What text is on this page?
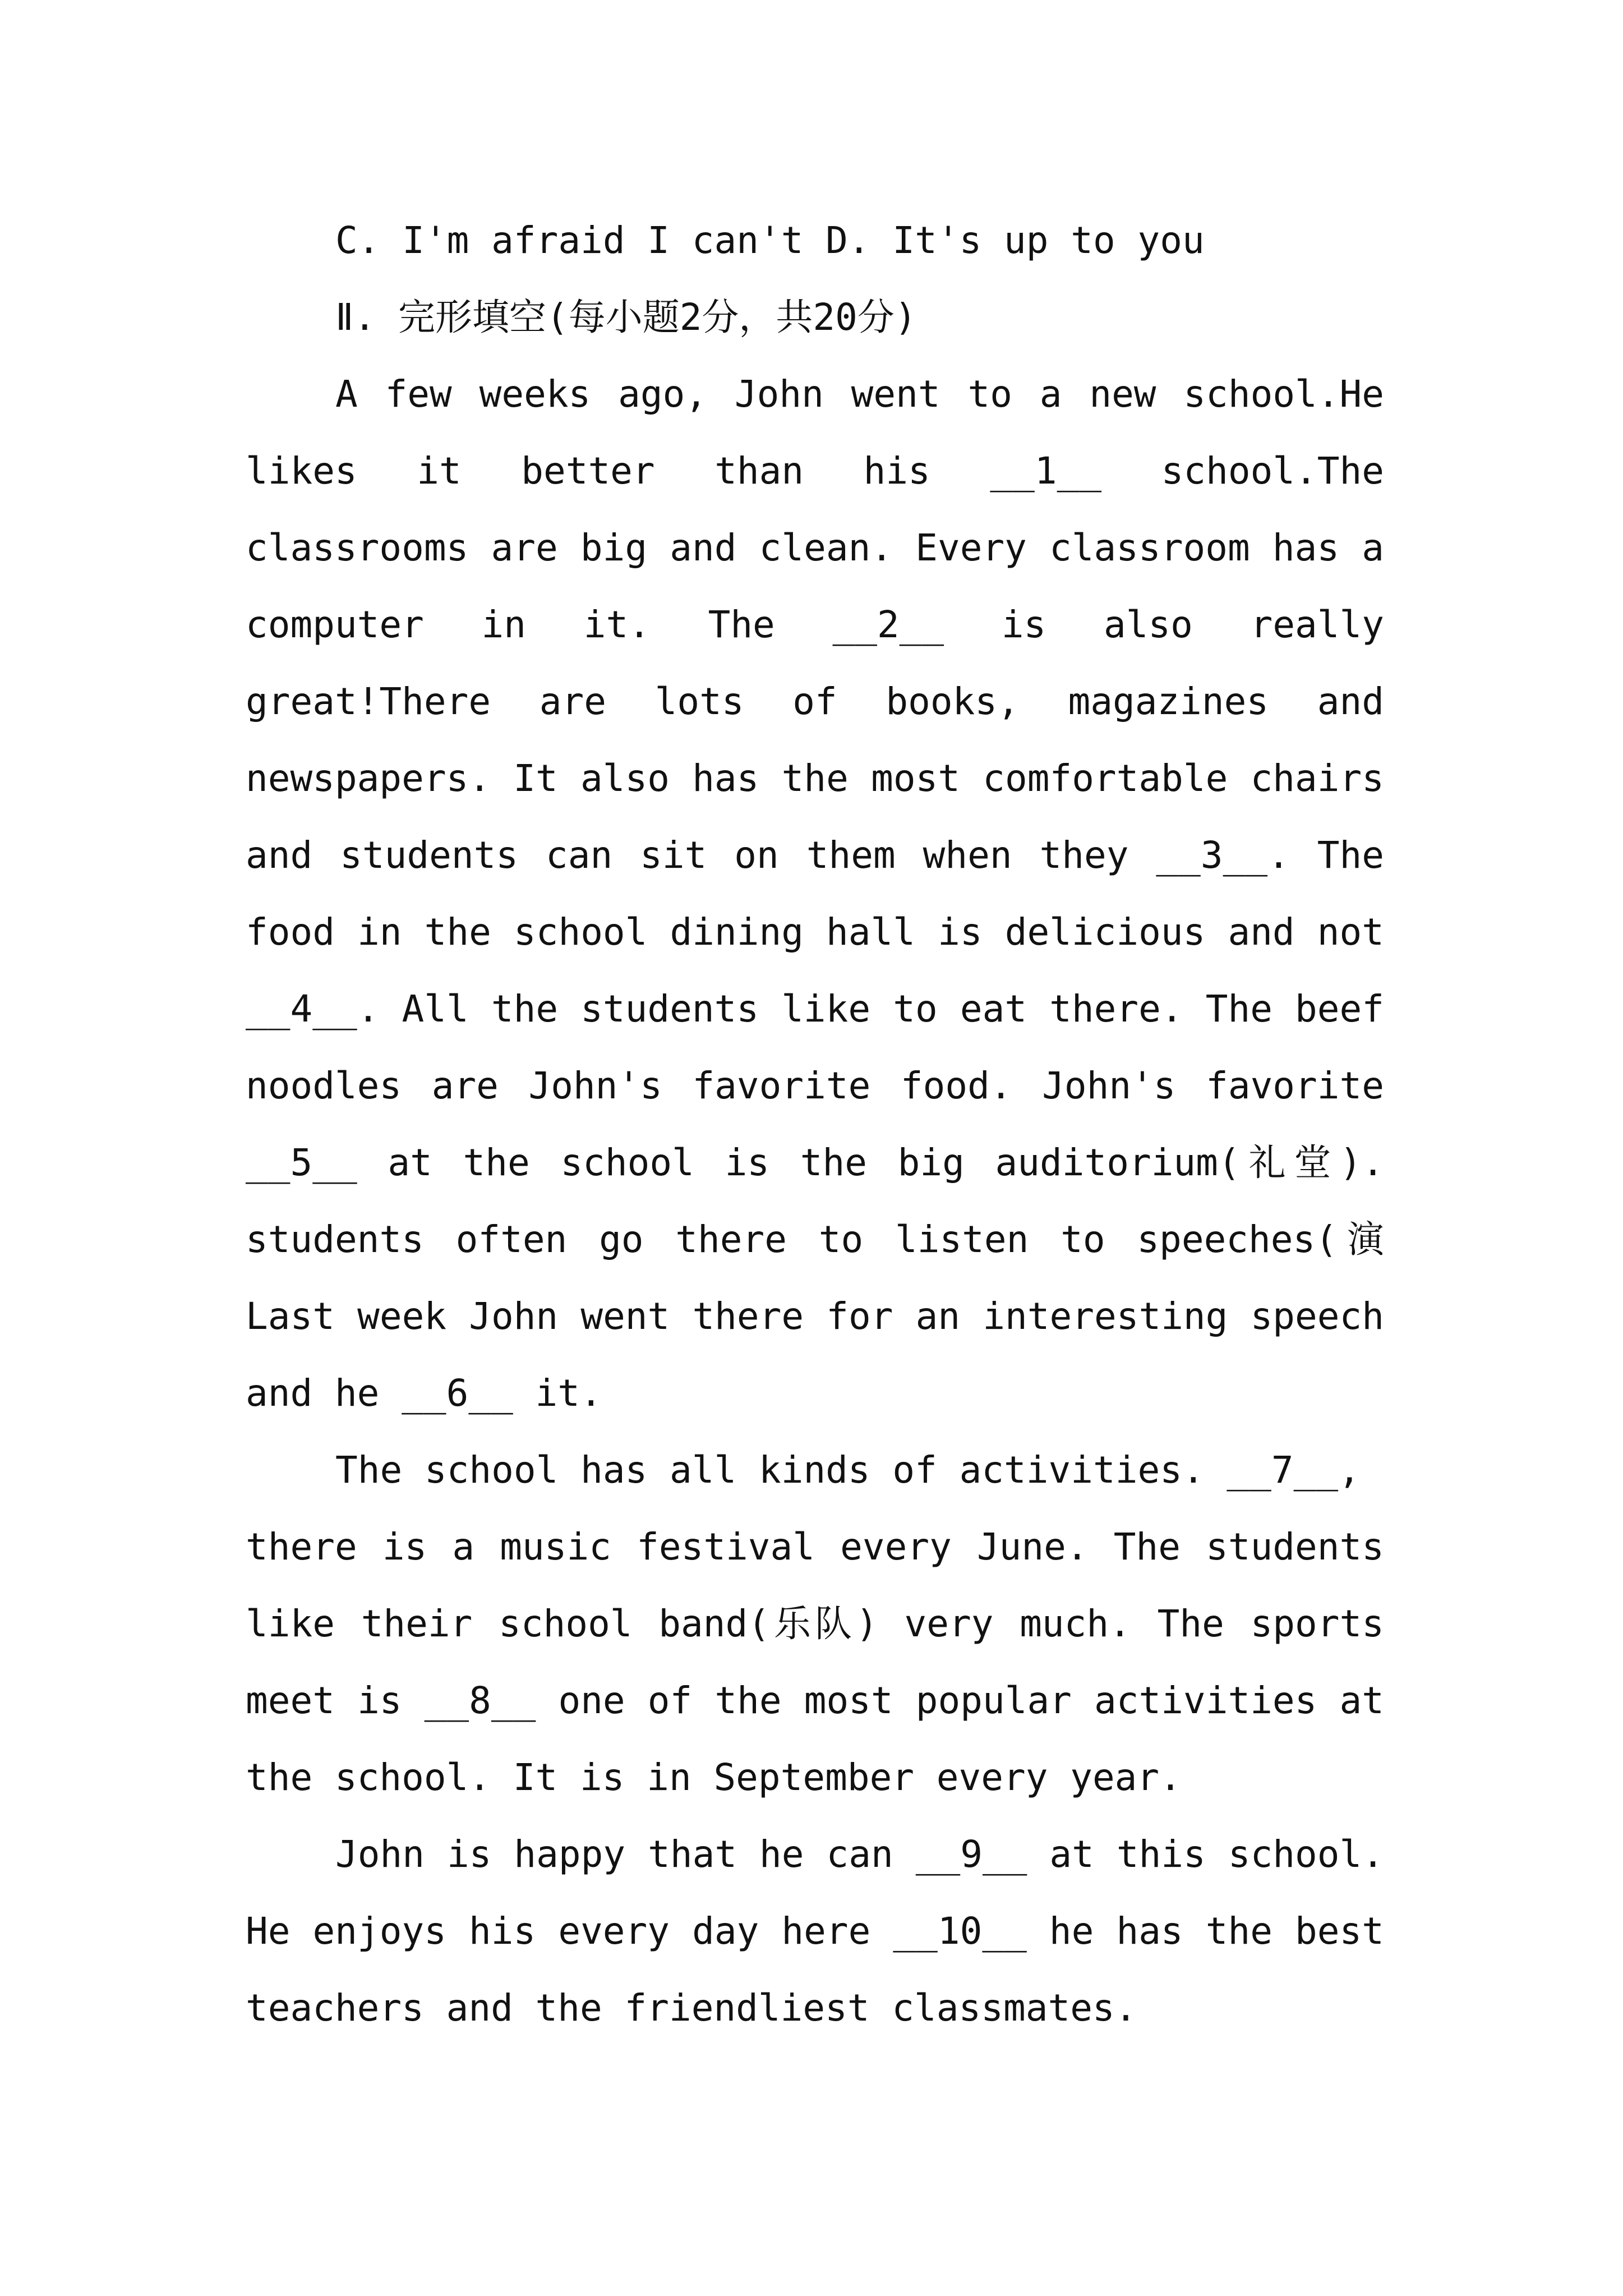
C. I'm afraid I can't D. It's up to you
Ⅱ. 完形填空(每小题2分，共20分)
A few weeks ago, John went to a new school.He
likes it better than his __1__ school.The
classrooms are big and clean. Every classroom has a
computer in it. The __2__ is also really
great!There are lots of books, magazines and
newspapers. It also has the most comfortable chairs
and students can sit on them when they __3__. The
food in the school dining hall is delicious and not
__4__. All the students like to eat there. The beef
noodles are John's favorite food. John's favorite
__5__ at the school is the big auditorium(礼堂).
students often go there to listen to speeches(演
Last week John went there for an interesting speech
and he __6__ it.
The school has all kinds of activities. __7__,
there is a music festival every June. The students
like their school band(乐队) very much. The sports
meet is __8__ one of the most popular activities at
the school. It is in September every year.
John is happy that he can __9__ at this school.
He enjoys his every day here __10__ he has the best
teachers and the friendliest classmates.
